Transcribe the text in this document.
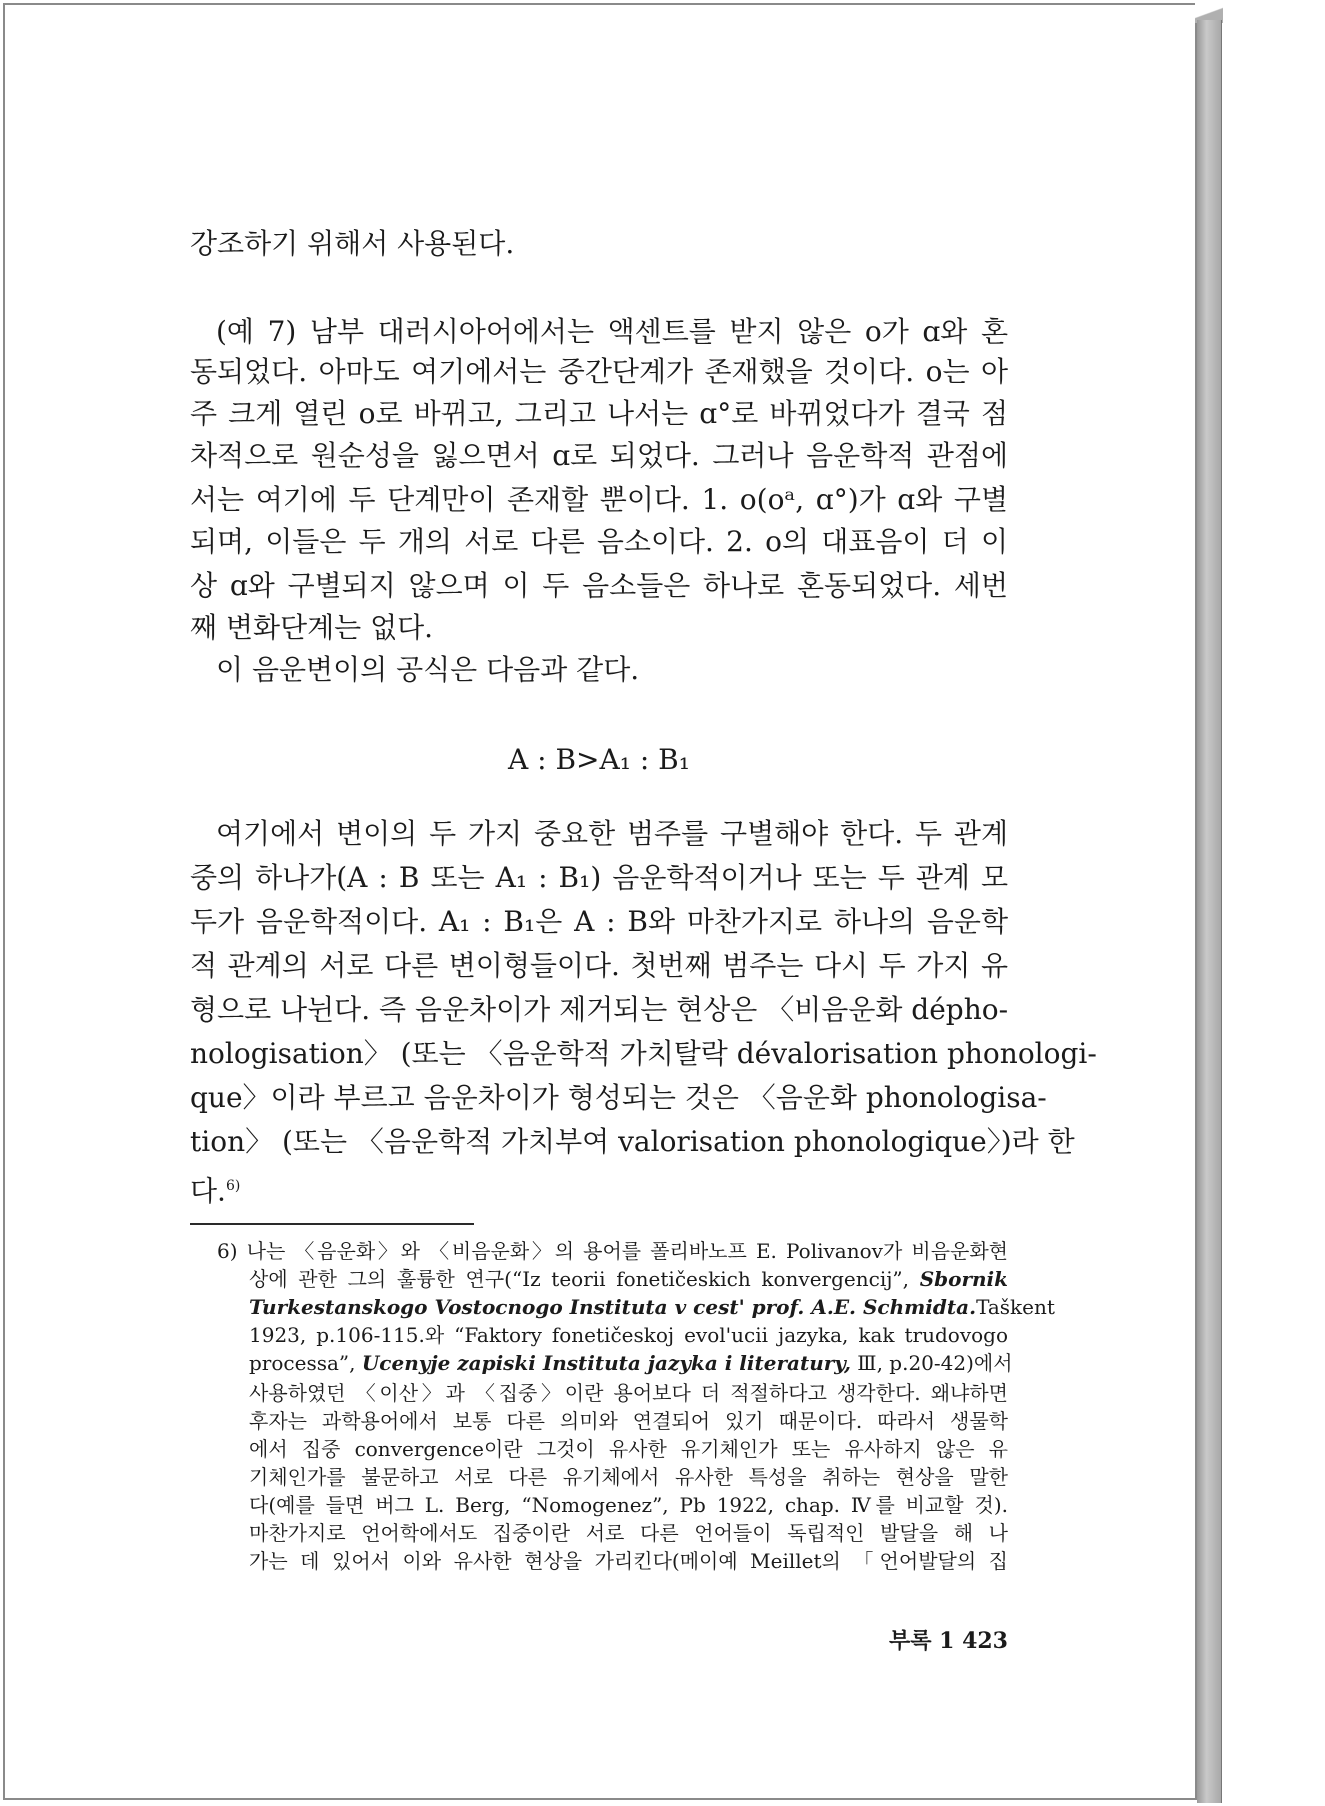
강조하기 위해서 사용된다.
(예 7) 남부 대러시아어에서는 액센트를 받지 않은 o가 ɑ와 혼
동되었다. 아마도 여기에서는 중간단계가 존재했을 것이다. o는 아
주 크게 열린 o로 바뀌고, 그리고 나서는 ɑ°로 바뀌었다가 결국 점
차적으로 원순성을 잃으면서 ɑ로 되었다. 그러나 음운학적 관점에
서는 여기에 두 단계만이 존재할 뿐이다. 1. o(oᵃ, ɑ°)가 ɑ와 구별
되며, 이들은 두 개의 서로 다른 음소이다. 2. o의 대표음이 더 이
상 ɑ와 구별되지 않으며 이 두 음소들은 하나로 혼동되었다. 세번
째 변화단계는 없다.
이 음운변이의 공식은 다음과 같다.
A : B>A₁ : B₁
여기에서 변이의 두 가지 중요한 범주를 구별해야 한다. 두 관계
중의 하나가(A : B 또는 A₁ : B₁) 음운학적이거나 또는 두 관계 모
두가 음운학적이다. A₁ : B₁은 A : B와 마찬가지로 하나의 음운학
적 관계의 서로 다른 변이형들이다. 첫번째 범주는 다시 두 가지 유
형으로 나뉜다. 즉 음운차이가 제거되는 현상은 〈비음운화 dépho-
nologisation〉 (또는 〈음운학적 가치탈락 dévalorisation phonologi-
que〉이라 부르고 음운차이가 형성되는 것은 〈음운화 phonologisa-
tion〉 (또는 〈음운학적 가치부여 valorisation phonologique〉)라 한
다.$^{6)}$
6) 나는 〈음운화〉와 〈비음운화〉의 용어를 폴리바노프 E. Polivanov가 비음운화현
상에 관한 그의 훌륭한 연구(“Iz teorii fonetičeskich konvergencij”, Sbornik
Turkestanskogo Vostocnogo Instituta v cest' prof. A.E. Schmidta.Taškent
1923, p.106-115.와 “Faktory fonetičeskoj evol'ucii jazyka, kak trudovogo
processa”, Ucenyje zapiski Instituta jazyka i literatury, Ⅲ, p.20-42)에서
사용하였던 〈이산〉과 〈집중〉이란 용어보다 더 적절하다고 생각한다. 왜냐하면
후자는 과학용어에서 보통 다른 의미와 연결되어 있기 때문이다. 따라서 생물학
에서 집중 convergence이란 그것이 유사한 유기체인가 또는 유사하지 않은 유
기체인가를 불문하고 서로 다른 유기체에서 유사한 특성을 취하는 현상을 말한
다(예를 들면 버그 L. Berg, “Nomogenez”, Pb 1922, chap. Ⅳ를 비교할 것).
마찬가지로 언어학에서도 집중이란 서로 다른 언어들이 독립적인 발달을 해 나
가는 데 있어서 이와 유사한 현상을 가리킨다(메이예 Meillet의 「언어발달의 집
부록 1 423
